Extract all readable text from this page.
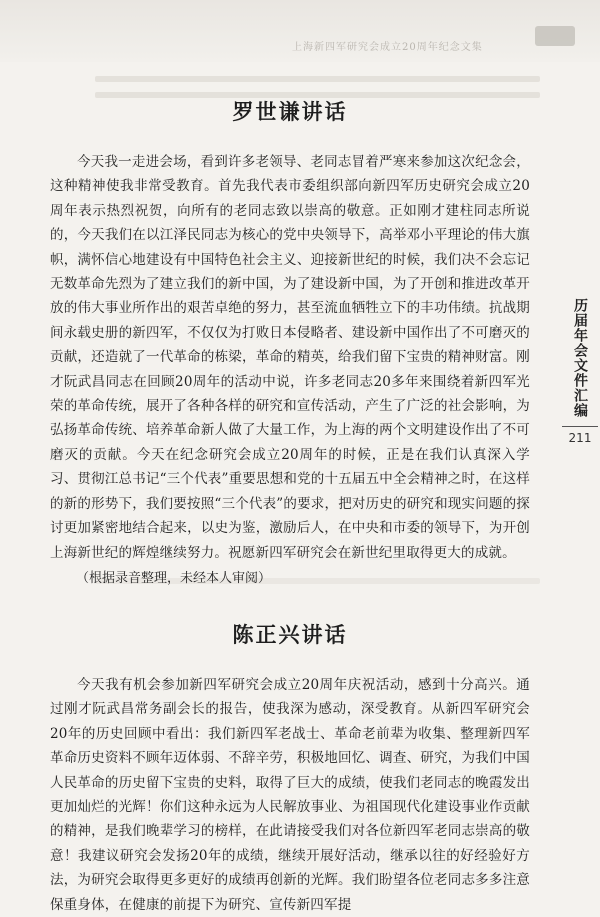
上海新四军研究会成立20周年纪念文集
罗世谦讲话

今天我一走进会场，看到许多老领导、老同志冒着严寒来参加这次纪念会，这种精神使我非常受教育。首先我代表市委组织部向新四军历史研究会成立20周年表示热烈祝贺，向所有的老同志致以崇高的敬意。正如刚才建柱同志所说的，今天我们在以江泽民同志为核心的党中央领导下，高举邓小平理论的伟大旗帜，满怀信心地建设有中国特色社会主义、迎接新世纪的时候，我们决不会忘记无数革命先烈为了建立我们的新中国，为了建设新中国，为了开创和推进改革开放的伟大事业所作出的艰苦卓绝的努力，甚至流血牺牲立下的丰功伟绩。抗战期间永载史册的新四军，不仅仅为打败日本侵略者、建设新中国作出了不可磨灭的贡献，还造就了一代革命的栋梁，革命的精英，给我们留下宝贵的精神财富。刚才阮武昌同志在回顾20周年的活动中说，许多老同志20多年来围绕着新四军光荣的革命传统，展开了各种各样的研究和宣传活动，产生了广泛的社会影响，为弘扬革命传统、培养革命新人做了大量工作，为上海的两个文明建设作出了不可磨灭的贡献。今天在纪念研究会成立20周年的时候，正是在我们认真深入学习、贯彻江总书记“三个代表”重要思想和党的十五届五中全会精神之时，在这样的新的形势下，我们要按照“三个代表”的要求，把对历史的研究和现实问题的探讨更加紧密地结合起来，以史为鉴，激励后人，在中央和市委的领导下，为开创上海新世纪的辉煌继续努力。祝愿新四军研究会在新世纪里取得更大的成就。

（根据录音整理，未经本人审阅）

陈正兴讲话

今天我有机会参加新四军研究会成立20周年庆祝活动，感到十分高兴。通过刚才阮武昌常务副会长的报告，使我深为感动，深受教育。从新四军研究会20年的历史回顾中看出：我们新四军老战士、革命老前辈为收集、整理新四军革命历史资料不顾年迈体弱、不辞辛劳，积极地回忆、调查、研究，为我们中国人民革命的历史留下宝贵的史料，取得了巨大的成绩，使我们老同志的晚霞发出更加灿烂的光辉！你们这种永远为人民解放事业、为祖国现代化建设事业作贡献的精神，是我们晚辈学习的榜样，在此请接受我们对各位新四军老同志崇高的敬意！我建议研究会发扬20年的成绩，继续开展好活动，继承以往的好经验好方法，为研究会取得更多更好的成绩再创新的光辉。我们盼望各位老同志多多注意保重身体，在健康的前提下为研究、宣传新四军提

历届年会文件汇编
211
